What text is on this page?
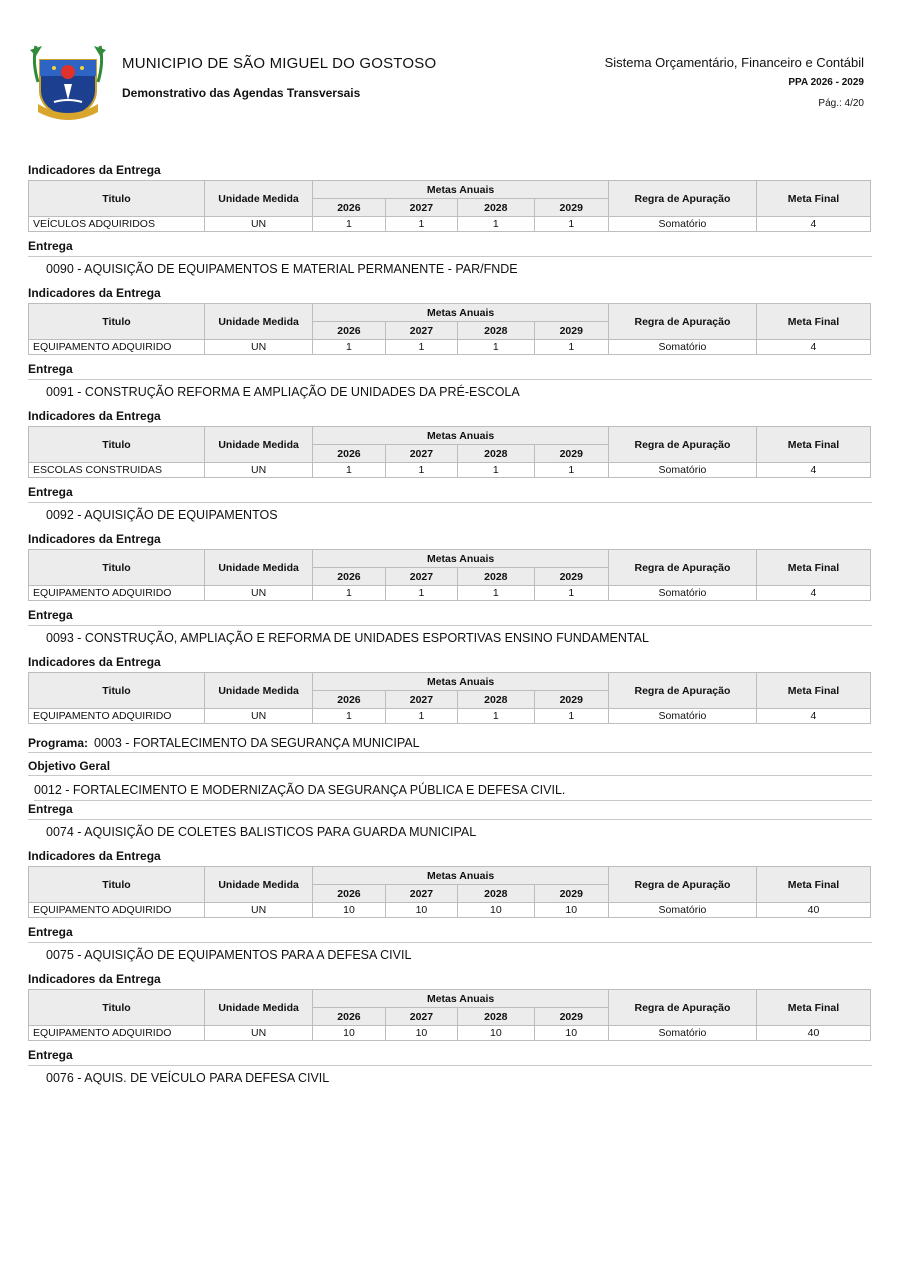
MUNICIPIO DE SÃO MIGUEL DO GOSTOSO
Demonstrativo das Agendas Transversais
Sistema Orçamentário, Financeiro e Contábil
PPA 2026 - 2029
Pág.: 4/20
Indicadores da Entrega
Titulo	Unidade Medida	Metas Anuais				Regra de Apuração	Meta Final
		2026	2027	2028	2029		
VEÍCULOS ADQUIRIDOS	UN	1	1	1	1	Somatório	4
Entrega
0090 - AQUISIÇÃO DE EQUIPAMENTOS E MATERIAL PERMANENTE - PAR/FNDE
Indicadores da Entrega
Titulo	Unidade Medida	Metas Anuais				Regra de Apuração	Meta Final
		2026	2027	2028	2029		
EQUIPAMENTO ADQUIRIDO	UN	1	1	1	1	Somatório	4
Entrega
0091 - CONSTRUÇÃO REFORMA E AMPLIAÇÃO DE UNIDADES DA PRÉ-ESCOLA
Indicadores da Entrega
Titulo	Unidade Medida	Metas Anuais				Regra de Apuração	Meta Final
		2026	2027	2028	2029		
ESCOLAS CONSTRUIDAS	UN	1	1	1	1	Somatório	4
Entrega
0092 - AQUISIÇÃO DE EQUIPAMENTOS
Indicadores da Entrega
Titulo	Unidade Medida	Metas Anuais				Regra de Apuração	Meta Final
		2026	2027	2028	2029		
EQUIPAMENTO ADQUIRIDO	UN	1	1	1	1	Somatório	4
Entrega
0093 - CONSTRUÇÃO, AMPLIAÇÃO E REFORMA DE UNIDADES ESPORTIVAS ENSINO FUNDAMENTAL
Indicadores da Entrega
Titulo	Unidade Medida	Metas Anuais				Regra de Apuração	Meta Final
		2026	2027	2028	2029		
EQUIPAMENTO ADQUIRIDO	UN	1	1	1	1	Somatório	4
Programa: 0003 - FORTALECIMENTO DA SEGURANÇA MUNICIPAL
Objetivo Geral
0012 - FORTALECIMENTO E MODERNIZAÇÃO DA SEGURANÇA PÚBLICA E DEFESA CIVIL.
Entrega
0074 - AQUISIÇÃO DE COLETES BALISTICOS PARA GUARDA MUNICIPAL
Indicadores da Entrega
Titulo	Unidade Medida	Metas Anuais				Regra de Apuração	Meta Final
		2026	2027	2028	2029		
EQUIPAMENTO ADQUIRIDO	UN	10	10	10	10	Somatório	40
Entrega
0075 - AQUISIÇÃO DE EQUIPAMENTOS PARA A DEFESA CIVIL
Indicadores da Entrega
Titulo	Unidade Medida	Metas Anuais				Regra de Apuração	Meta Final
		2026	2027	2028	2029		
EQUIPAMENTO ADQUIRIDO	UN	10	10	10	10	Somatório	40
Entrega
0076 - AQUIS. DE VEÍCULO PARA DEFESA CIVIL
